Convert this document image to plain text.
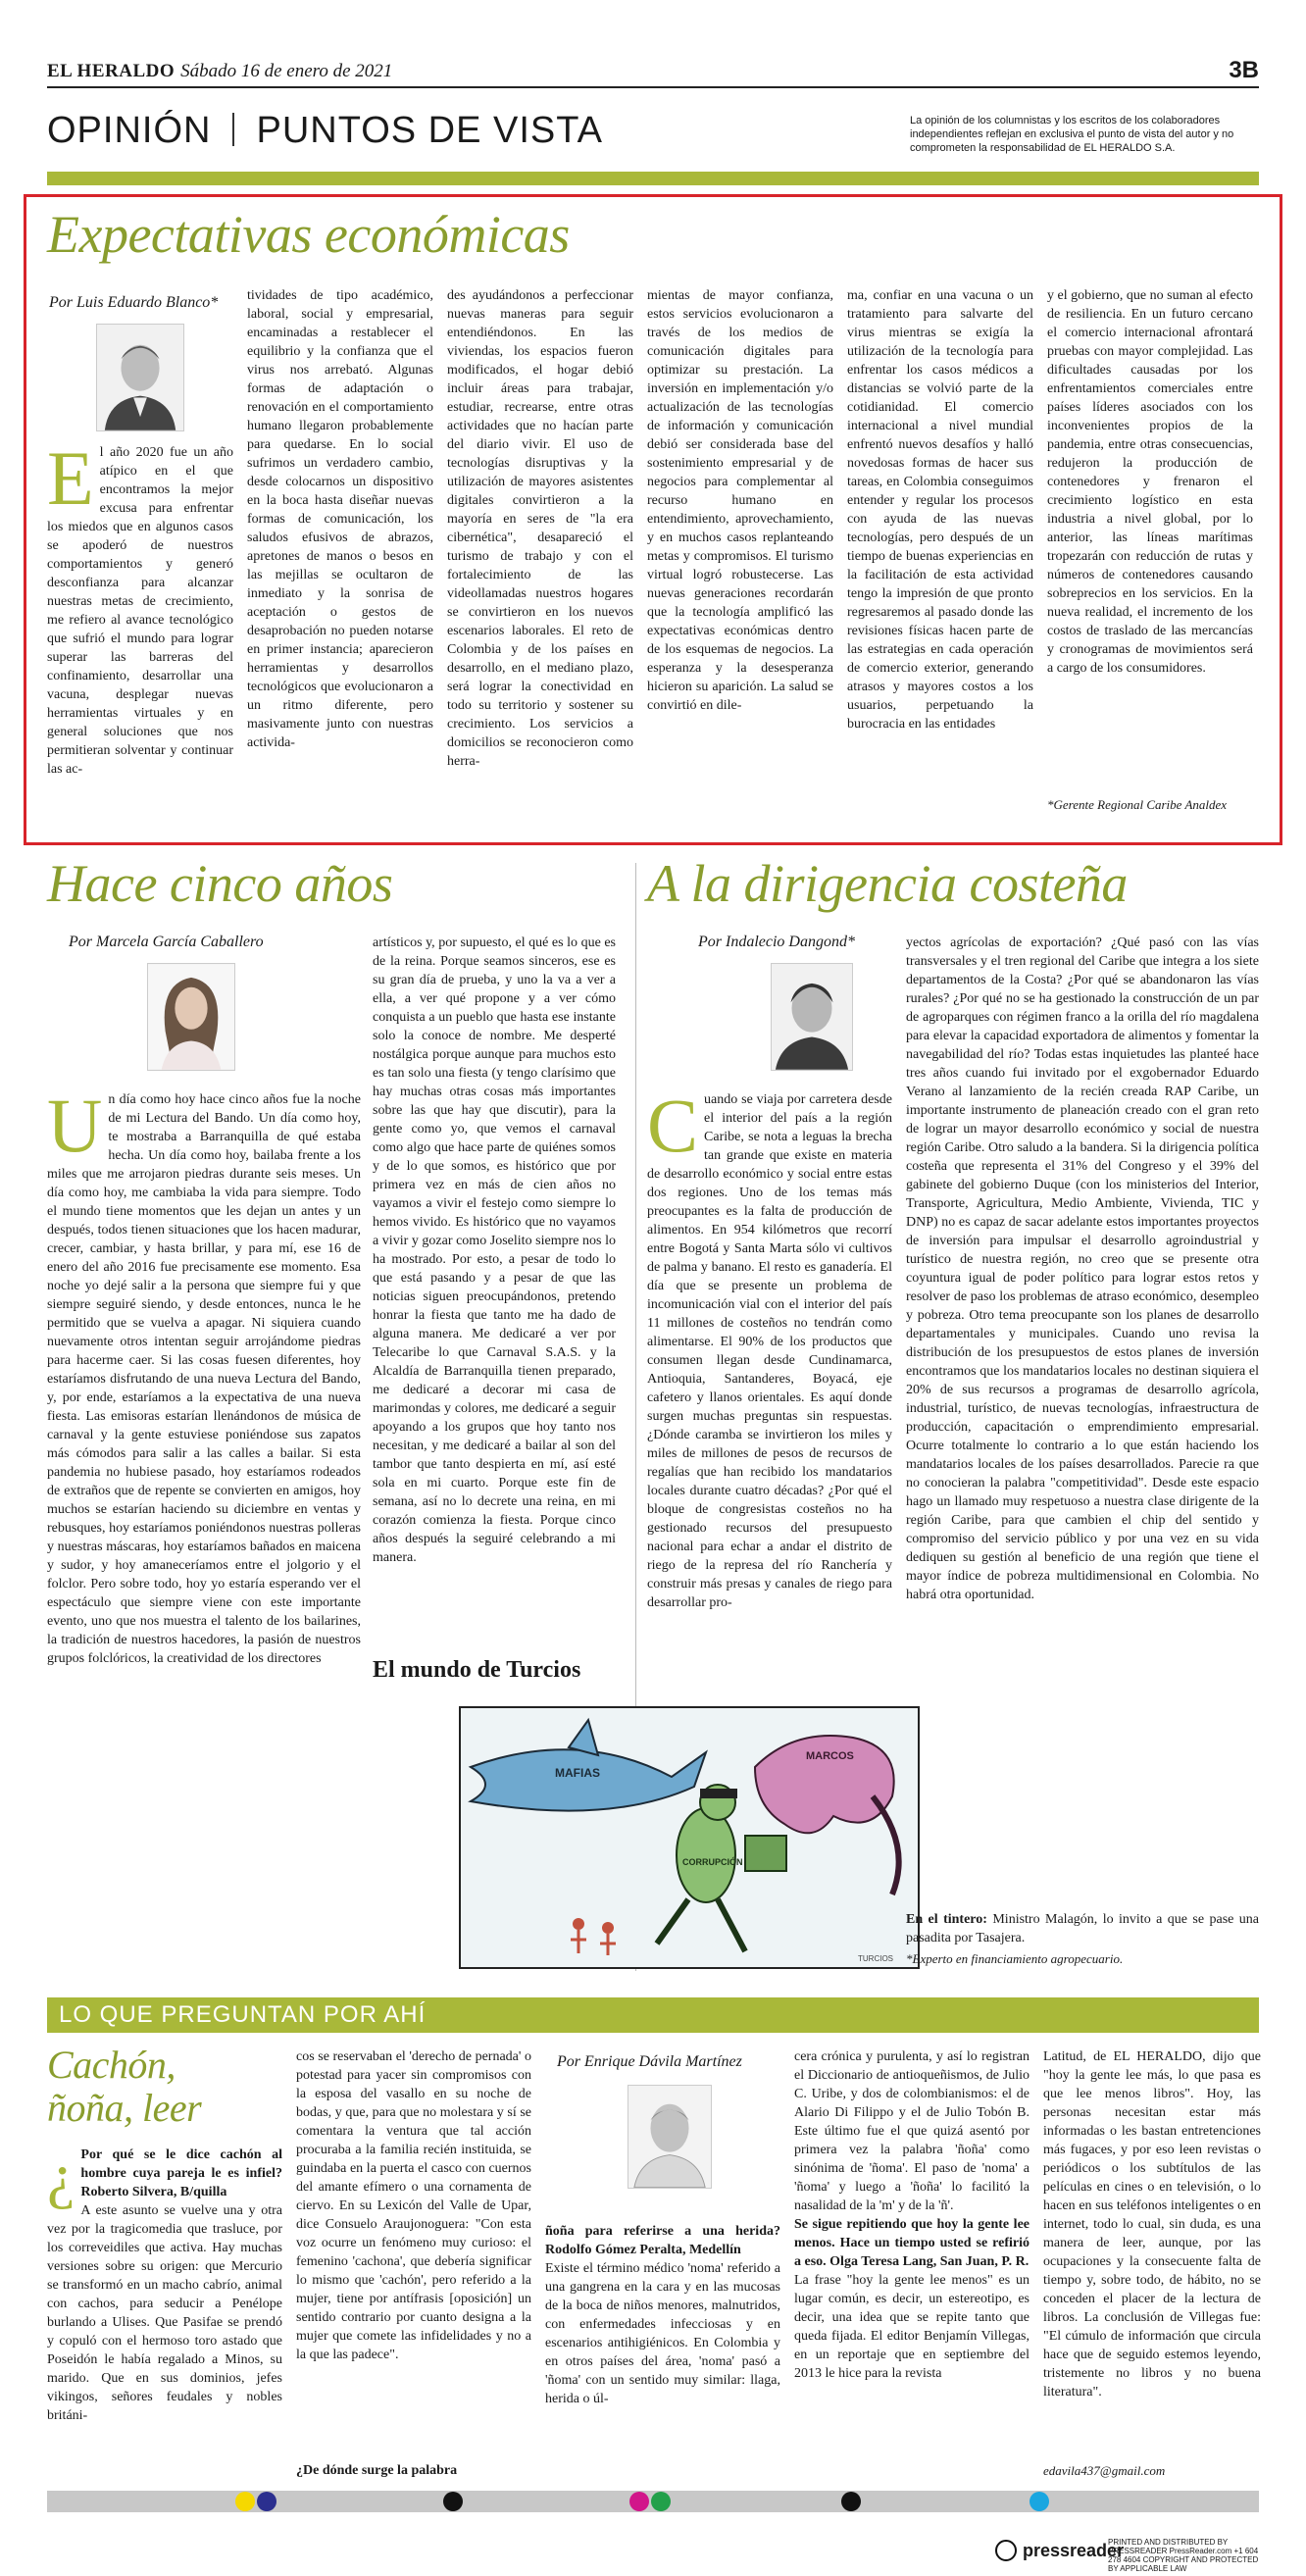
EL HERALDO Sábado 16 de enero de 2021	3B
OPINIÓN PUNTOS DE VISTA	La opinión de los columnistas y los escritos de los colaboradores independientes reflejan en exclusiva el punto de vista del autor y no comprometen la responsabilidad de EL HERALDO S.A.
Expectativas económicas
Por Luis Eduardo Blanco*
El año 2020 fue un año atípico en el que encontramos la mejor excusa para enfrentar los miedos que en algunos casos se apoderó de nuestros comportamientos y generó desconfianza para alcanzar nuestras metas de crecimiento, me refiero al avance tecnológico que sufrió el mundo para lograr superar las barreras del confinamiento, desarrollar una vacuna, desplegar nuevas herramientas virtuales y en general soluciones que nos permitieran solventar y continuar las ac-
tividades de tipo académico, laboral, social y empresarial, encaminadas a restablecer el equilibrio y la confianza que el virus nos arrebató. Algunas formas de adaptación o renovación en el comportamiento humano llegaron probablemente para quedarse. En lo social sufrimos un verdadero cambio, desde colocarnos un dispositivo en la boca hasta diseñar nuevas formas de comunicación, los saludos efusivos de abrazos, apretones de manos o besos en las mejillas se ocultaron de inmediato y la sonrisa de aceptación o gestos de desaprobación no pueden notarse en primer instancia; aparecieron herramientas y desarrollos tecnológicos que evolucionaron a un ritmo diferente, pero masivamente junto con nuestras activida-
des ayudándonos a perfeccionar nuevas maneras para seguir entendiéndonos. En las viviendas, los espacios fueron modificados, el hogar debió incluir áreas para trabajar, estudiar, recrearse, entre otras actividades que no hacían parte del diario vivir. El uso de tecnologías disruptivas y la utilización de mayores asistentes digitales convirtieron a la mayoría en seres de "la era cibernética", desapareció el turismo de trabajo y con el fortalecimiento de las videollamadas nuestros hogares se convirtieron en los nuevos escenarios laborales. El reto de Colombia y de los países en desarrollo, en el mediano plazo, será lograr la conectividad en todo su territorio y sostener su crecimiento. Los servicios a domicilios se reconocieron como herra-
mientas de mayor confianza, estos servicios evolucionaron a través de los medios de comunicación digitales para optimizar su prestación. La inversión en implementación y/o actualización de las tecnologías de información y comunicación debió ser considerada base del sostenimiento empresarial y de negocios para complementar al recurso humano en entendimiento, aprovechamiento, y en muchos casos replanteando metas y compromisos. El turismo virtual logró robustecerse. Las nuevas generaciones recordarán que la tecnología amplificó las expectativas económicas dentro de los esquemas de negocios. La esperanza y la desesperanza hicieron su aparición. La salud se convirtió en dile-
ma, confiar en una vacuna o un tratamiento para salvarte del virus mientras se exigía la utilización de la tecnología para enfrentar los casos médicos a distancias se volvió parte de la cotidianidad. El comercio internacional a nivel mundial enfrentó nuevos desafíos y halló novedosas formas de hacer sus tareas, en Colombia conseguimos entender y regular los procesos con ayuda de las nuevas tecnologías, pero después de un tiempo de buenas experiencias en la facilitación de esta actividad tengo la impresión de que pronto regresaremos al pasado donde las revisiones físicas hacen parte de las estrategias en cada operación de comercio exterior, generando atrasos y mayores costos a los usuarios, perpetuando la burocracia en las entidades
y el gobierno, que no suman al efecto de resiliencia. En un futuro cercano el comercio internacional afrontará pruebas con mayor complejidad. Las dificultades causadas por los enfrentamientos comerciales entre países líderes asociados con los inconvenientes propios de la pandemia, entre otras consecuencias, redujeron la producción de contenedores y frenaron el crecimiento logístico en esta industria a nivel global, por lo anterior, las líneas marítimas tropezarán con reducción de rutas y números de contenedores causando sobreprecios en los servicios. En la nueva realidad, el incremento de los costos de traslado de las mercancías y cronogramas de movimientos será a cargo de los consumidores.
*Gerente Regional Caribe Analdex
Hace cinco años
Por Marcela García Caballero
Un día como hoy hace cinco años fue la noche de mi Lectura del Bando. Un día como hoy, te mostraba a Barranquilla de qué estaba hecha. Un día como hoy, bailaba frente a los miles que me arrojaron piedras durante seis meses. Un día como hoy, me cambiaba la vida para siempre. Todo el mundo tiene momentos que les dejan un antes y un después, todos tienen situaciones que los hacen madurar, crecer, cambiar, y hasta brillar, y para mí, ese 16 de enero del año 2016 fue precisamente ese momento. Esa noche yo dejé salir a la persona que siempre fui y que siempre seguiré siendo, y desde entonces, nunca le he permitido que se vuelva a apagar. Ni siquiera cuando nuevamente otros intentan seguir arrojándome piedras para hacerme caer. Si las cosas fuesen diferentes, hoy estaríamos disfrutando de una nueva Lectura del Bando, y, por ende, estaríamos a la expectativa de una nueva fiesta. Las emisoras estarían llenándonos de música de carnaval y la gente estuviese poniéndose sus zapatos más cómodos para salir a las calles a bailar. Si esta pandemia no hubiese pasado, hoy estaríamos rodeados de extraños que de repente se convierten en amigos, hoy muchos se estarían haciendo su diciembre en ventas y rebusques, hoy estaríamos poniéndonos nuestras polleras y nuestras máscaras, hoy estaríamos bañados en maicena y sudor, y hoy amaneceríamos entre el jolgorio y el folclor. Pero sobre todo, hoy yo estaría esperando ver el espectáculo que siempre viene con este importante evento, uno que nos muestra el talento de los bailarines, la tradición de nuestros hacedores, la pasión de nuestros grupos folclóricos, la creatividad de los directores
artísticos y, por supuesto, el qué es lo que es de la reina. Porque seamos sinceros, ese es su gran día de prueba, y uno la va a ver a ella, a ver qué propone y a ver cómo conquista a un pueblo que hasta ese instante solo la conoce de nombre. Me desperté nostálgica porque aunque para muchos esto es tan solo una fiesta (y tengo clarísimo que hay muchas otras cosas más importantes sobre las que hay que discutir), para la gente como yo, que vemos el carnaval como algo que hace parte de quiénes somos y de lo que somos, es histórico que por primera vez en más de cien años no vayamos a vivir el festejo como siempre lo hemos vivido. Es histórico que no vayamos a vivir y gozar como Joselito siempre nos lo ha mostrado. Por esto, a pesar de todo lo que está pasando y a pesar de que las noticias siguen preocupándonos, pretendo honrar la fiesta que tanto me ha dado de alguna manera. Me dedicaré a ver por Telecaribe lo que Carnaval S.A.S. y la Alcaldía de Barranquilla tienen preparado, me dedicaré a decorar mi casa de marimondas y colores, me dedicaré a seguir apoyando a los grupos que hoy tanto nos necesitan, y me dedicaré a bailar al son del tambor que tanto despierta en mí, así esté sola en mi cuarto. Porque este fin de semana, así no lo decrete una reina, en mi corazón comienza la fiesta. Porque cinco años después la seguiré celebrando a mi manera.
El mundo de Turcios
MAFIAS
MARCOS
CORRUPCIÓN
TURCIOS
A la dirigencia costeña
Por Indalecio Dangond*
Cuando se viaja por carretera desde el interior del país a la región Caribe, se nota a leguas la brecha tan grande que existe en materia de desarrollo económico y social entre estas dos regiones. Uno de los temas más preocupantes es la falta de producción de alimentos. En 954 kilómetros que recorrí entre Bogotá y Santa Marta sólo vi cultivos de palma y banano. El resto es ganadería. El día que se presente un problema de incomunicación vial con el interior del país 11 millones de costeños no tendrán como alimentarse. El 90% de los productos que consumen llegan desde Cundinamarca, Antioquia, Santanderes, Boyacá, eje cafetero y llanos orientales. Es aquí donde surgen muchas preguntas sin respuestas. ¿Dónde caramba se invirtieron los miles y miles de millones de pesos de recursos de regalías que han recibido los mandatarios locales durante cuatro décadas? ¿Por qué el bloque de congresistas costeños no ha gestionado recursos del presupuesto nacional para echar a andar el distrito de riego de la represa del río Ranchería y construir más presas y canales de riego para desarrollar pro-
yectos agrícolas de exportación? ¿Qué pasó con las vías transversales y el tren regional del Caribe que integra a los siete departamentos de la Costa? ¿Por qué se abandonaron las vías rurales? ¿Por qué no se ha gestionado la construcción de un par de agroparques con régimen franco a la orilla del río magdalena para elevar la capacidad exportadora de alimentos y fomentar la navegabilidad del río? Todas estas inquietudes las planteé hace tres años cuando fui invitado por el exgobernador Eduardo Verano al lanzamiento de la recién creada RAP Caribe, un importante instrumento de planeación creado con el gran reto de lograr un mayor desarrollo económico y social de nuestra región Caribe. Otro saludo a la bandera. Si la dirigencia política costeña que representa el 31% del Congreso y el 39% del gabinete del gobierno Duque (con los ministerios del Interior, Transporte, Agricultura, Medio Ambiente, Vivienda, TIC y DNP) no es capaz de sacar adelante estos importantes proyectos de inversión para impulsar el desarrollo agroindustrial y turístico de nuestra región, no creo que se presente otra coyuntura igual de poder político para lograr estos retos y resolver de paso los problemas de atraso económico, desempleo y pobreza. Otro tema preocupante son los planes de desarrollo departamentales y municipales. Cuando uno revisa la distribución de los presupuestos de estos planes de inversión encontramos que los mandatarios locales no destinan siquiera el 20% de sus recursos a programas de desarrollo agrícola, industrial, turístico, de nuevas tecnologías, infraestructura de producción, capacitación o emprendimiento empresarial. Ocurre totalmente lo contrario a lo que están haciendo los mandatarios locales de los países desarrollados. Parecie ra que no conocieran la palabra "competitividad". Desde este espacio hago un llamado muy respetuoso a nuestra clase dirigente de la región Caribe, para que cambien el chip del sentido y compromiso del servicio público y por una vez en su vida dediquen su gestión al beneficio de una región que tiene el mayor índice de pobreza multidimensional en Colombia. No habrá otra oportunidad.
En el tintero: Ministro Malagón, lo invito a que se pase una pasadita por Tasajera.
*Experto en financiamiento agropecuario.
LO QUE PREGUNTAN POR AHÍ
Cachón,
ñoña, leer
¿ Por qué se le dice cachón al hombre cuya pareja le es infiel? Roberto Silvera, B/quilla
A este asunto se vuelve una y otra vez por la tragicomedia que trasluce, por los correveidiles que activa. Hay muchas versiones sobre su origen: que Mercurio se transformó en un macho cabrío, animal con cachos, para seducir a Penélope burlando a Ulises. Que Pasifae se prendó y copuló con el hermoso toro astado que Poseidón le había regalado a Minos, su marido. Que en sus dominios, jefes vikingos, señores feudales y nobles británi-
cos se reservaban el 'derecho de pernada' o potestad para yacer sin compromisos con la esposa del vasallo en su noche de bodas, y que, para que no molestara y sí se comentara la ventura que tal acción procuraba a la familia recién instituida, se guindaba en la puerta el casco con cuernos del amante efímero o una cornamenta de ciervo. En su Lexicón del Valle de Upar, dice Consuelo Araujonoguera: "Con esta voz ocurre un fenómeno muy curioso: el femenino 'cachona', que debería significar lo mismo que 'cachón', pero referido a la mujer, tiene por antífrasis [oposición] un sentido contrario por cuanto designa a la mujer que comete las infidelidades y no a la que las padece".
¿De dónde surge la palabra
Por Enrique Dávila Martínez
ñoña para referirse a una herida? Rodolfo Gómez Peralta, Medellín
Existe el término médico 'noma' referido a una gangrena en la cara y en las mucosas de la boca de niños menores, malnutridos, con enfermedades infecciosas y en escenarios antihigiénicos. En Colombia y en otros países del área, 'noma' pasó a 'ñoma' con un sentido muy similar: llaga, herida o úl-
cera crónica y purulenta, y así lo registran el Diccionario de antioqueñismos, de Julio C. Uribe, y dos de colombianismos: el de Alario Di Filippo y el de Julio Tobón B. Este último fue el que quizá asentó por primera vez la palabra 'ñoña' como sinónima de 'ñoma'. El paso de 'noma' a 'ñoma' y luego a 'ñoña' lo facilitó la nasalidad de la 'm' y de la 'ñ'.
Se sigue repitiendo que hoy la gente lee menos. Hace un tiempo usted se refirió a eso. Olga Teresa Lang, San Juan, P. R.
La frase "hoy la gente lee menos" es un lugar común, es decir, un estereotipo, es decir, una idea que se repite tanto que queda fijada. El editor Benjamín Villegas, en un reportaje que en septiembre del 2013 le hice para la revista
Latitud, de EL HERALDO, dijo que "hoy la gente lee más, lo que pasa es que lee menos libros". Hoy, las personas necesitan estar más informadas o les bastan entretenciones más fugaces, y por eso leen revistas o periódicos o los subtítulos de las películas en cines o en televisión, o lo hacen en sus teléfonos inteligentes o en internet, todo lo cual, sin duda, es una manera de leer, aunque, por las ocupaciones y la consecuente falta de tiempo y, sobre todo, de hábito, no se conceden el placer de la lectura de libros. La conclusión de Villegas fue: "El cúmulo de información que circula hace que de seguido estemos leyendo, tristemente no libros y no buena literatura".
edavila437@gmail.com
pressreader
PRINTED AND DISTRIBUTED BY PRESSREADER PressReader.com +1 604 278 4604 COPYRIGHT AND PROTECTED BY APPLICABLE LAW
